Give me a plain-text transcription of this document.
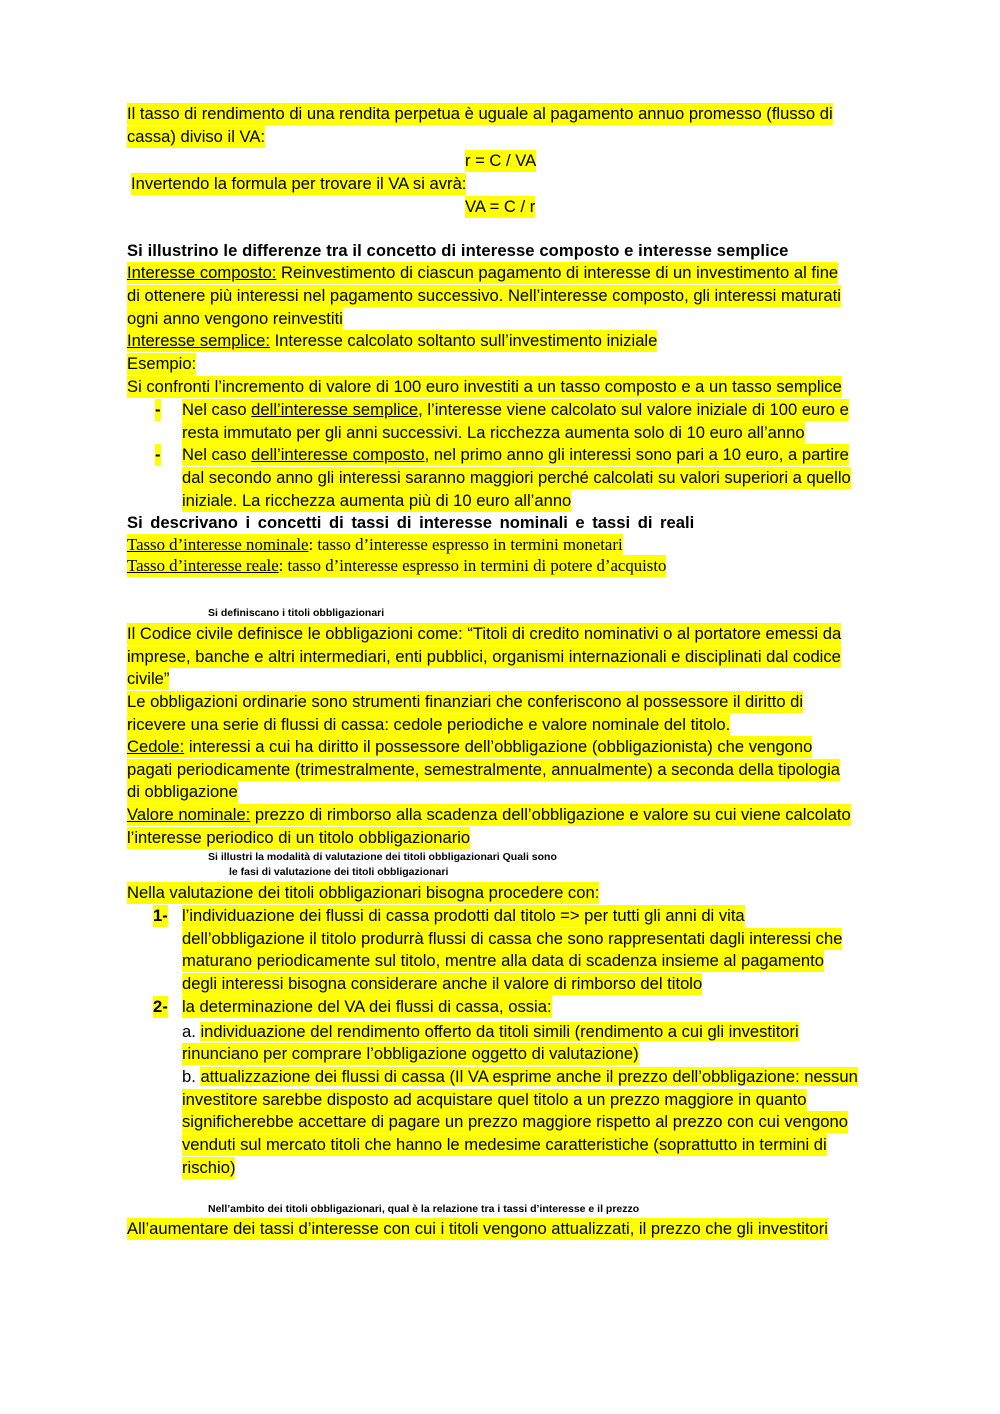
Il tasso di rendimento di una rendita perpetua è uguale al pagamento annuo promesso (flusso di
cassa) diviso il VA:
r = C / VA
Invertendo la formula per trovare il VA si avrà:
VA = C / r
Si illustrino le differenze tra il concetto di interesse composto e interesse semplice
Interesse composto: Reinvestimento di ciascun pagamento di interesse di un investimento al fine
di ottenere più interessi nel pagamento successivo. Nell’interesse composto, gli interessi maturati
ogni anno vengono reinvestiti
Interesse semplice: Interesse calcolato soltanto sull’investimento iniziale
Esempio:
Si confronti l’incremento di valore di 100 euro investiti a un tasso composto e a un tasso semplice
- Nel caso dell’interesse semplice, l’interesse viene calcolato sul valore iniziale di 100 euro e
resta immutato per gli anni successivi. La ricchezza aumenta solo di 10 euro all’anno
- Nel caso dell’interesse composto, nel primo anno gli interessi sono pari a 10 euro, a partire
dal secondo anno gli interessi saranno maggiori perché calcolati su valori superiori a quello
iniziale. La ricchezza aumenta più di 10 euro all’anno
Si descrivano i concetti di tassi di interesse nominali e tassi di reali
Tasso d’interesse nominale: tasso d’interesse espresso in termini monetari
Tasso d’interesse reale: tasso d’interesse espresso in termini di potere d’acquisto
Si definiscano i titoli obbligazionari
Il Codice civile definisce le obbligazioni come: “Titoli di credito nominativi o al portatore emessi da
imprese, banche e altri intermediari, enti pubblici, organismi internazionali e disciplinati dal codice
civile”
Le obbligazioni ordinarie sono strumenti finanziari che conferiscono al possessore il diritto di
ricevere una serie di flussi di cassa: cedole periodiche e valore nominale del titolo.
Cedole: interessi a cui ha diritto il possessore dell’obbligazione (obbligazionista) che vengono
pagati periodicamente (trimestralmente, semestralmente, annualmente) a seconda della tipologia
di obbligazione
Valore nominale: prezzo di rimborso alla scadenza dell’obbligazione e valore su cui viene calcolato
l’interesse periodico di un titolo obbligazionario
Si illustri la modalità di valutazione dei titoli obbligazionari Quali sono
le fasi di valutazione dei titoli obbligazionari
Nella valutazione dei titoli obbligazionari bisogna procedere con:
1- l’individuazione dei flussi di cassa prodotti dal titolo => per tutti gli anni di vita
dell’obbligazione il titolo produrrà flussi di cassa che sono rappresentati dagli interessi che
maturano periodicamente sul titolo, mentre alla data di scadenza insieme al pagamento
degli interessi bisogna considerare anche il valore di rimborso del titolo
2- la determinazione del VA dei flussi di cassa, ossia:
a. individuazione del rendimento offerto da titoli simili (rendimento a cui gli investitori
rinunciano per comprare l’obbligazione oggetto di valutazione)
b. attualizzazione dei flussi di cassa (Il VA esprime anche il prezzo dell’obbligazione: nessun
investitore sarebbe disposto ad acquistare quel titolo a un prezzo maggiore in quanto
significherebbe accettare di pagare un prezzo maggiore rispetto al prezzo con cui vengono
venduti sul mercato titoli che hanno le medesime caratteristiche (soprattutto in termini di
rischio)
Nell’ambito dei titoli obbligazionari, qual è la relazione tra i tassi d’interesse e il prezzo
All’aumentare dei tassi d’interesse con cui i titoli vengono attualizzati, il prezzo che gli investitori
